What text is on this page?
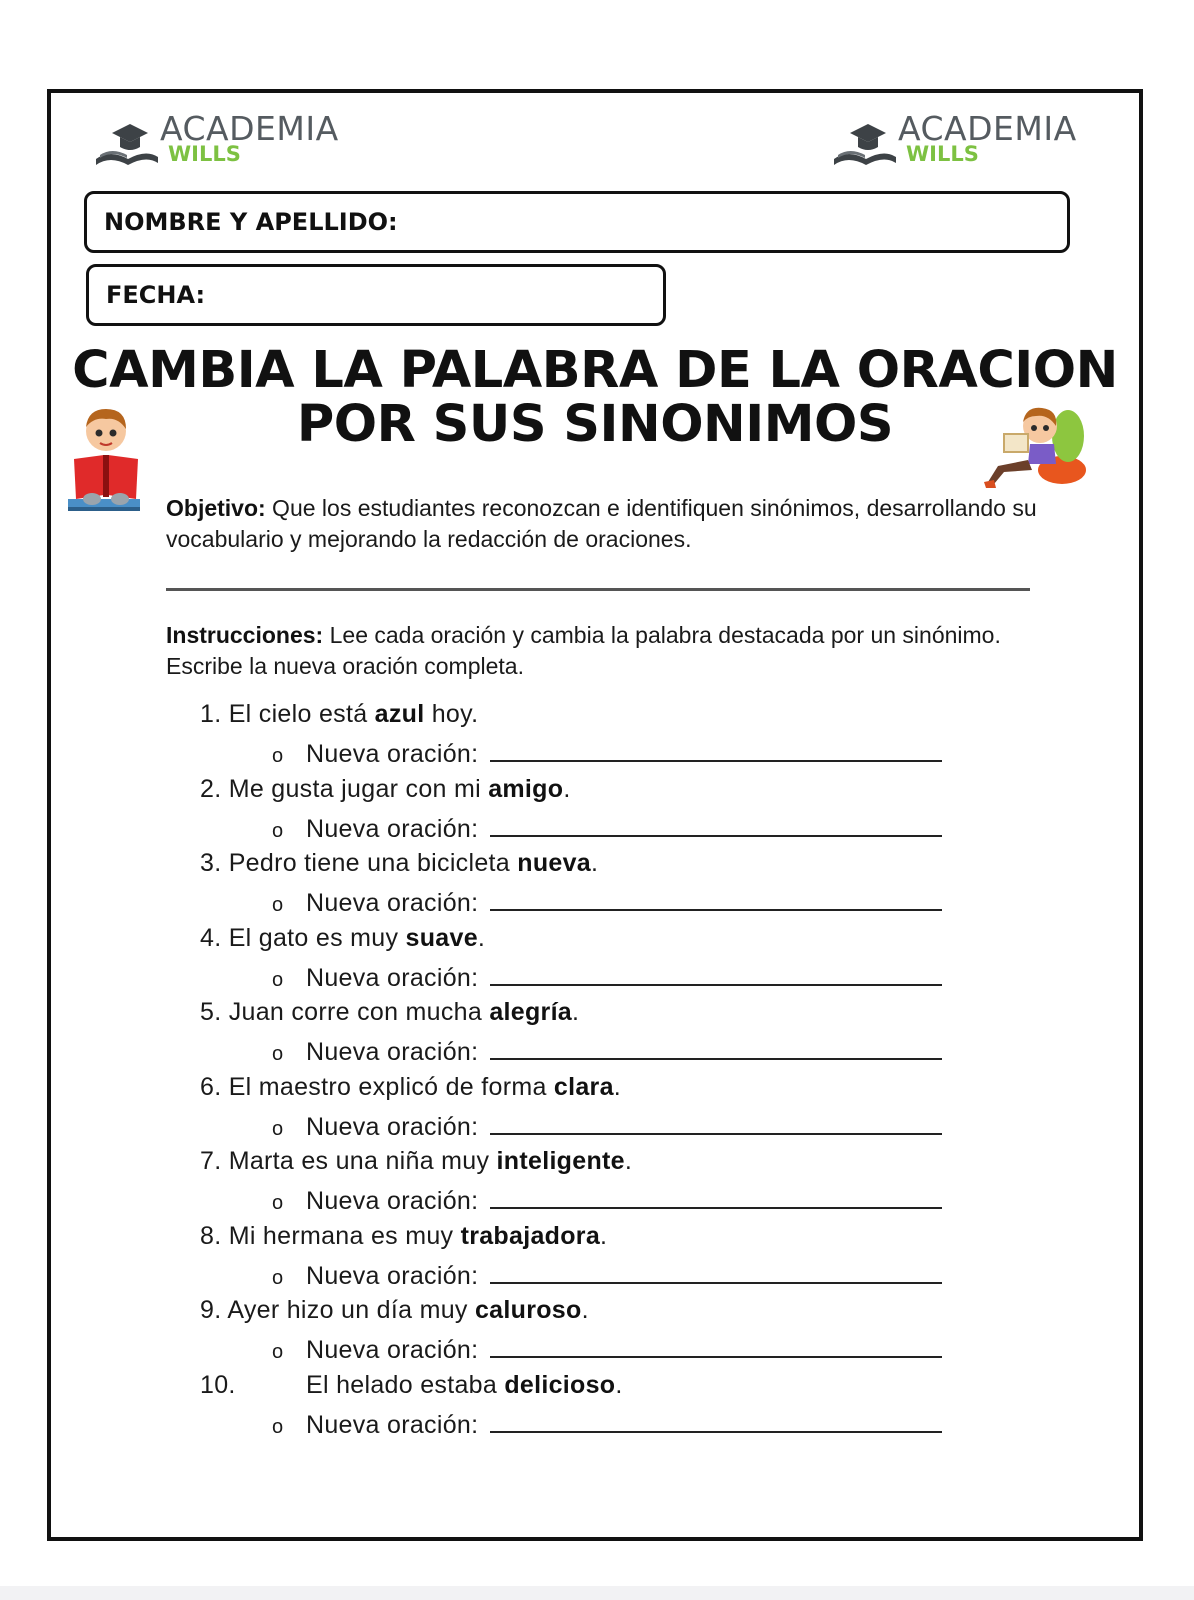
ACADEMIA
WILLS
ACADEMIA
WILLS
NOMBRE Y APELLIDO:
FECHA:
CAMBIA LA PALABRA DE LA ORACION
POR SUS SINONIMOS
Objetivo: Que los estudiantes reconozcan e identifiquen sinónimos, desarrollando su vocabulario y mejorando la redacción de oraciones.
Instrucciones: Lee cada oración y cambia la palabra destacada por un sinónimo. Escribe la nueva oración completa.
1. El cielo está azul hoy.
o Nueva oración:
2. Me gusta jugar con mi amigo.
o Nueva oración:
3. Pedro tiene una bicicleta nueva.
o Nueva oración:
4. El gato es muy suave.
o Nueva oración:
5. Juan corre con mucha alegría.
o Nueva oración:
6. El maestro explicó de forma clara.
o Nueva oración:
7. Marta es una niña muy inteligente.
o Nueva oración:
8. Mi hermana es muy trabajadora.
o Nueva oración:
9. Ayer hizo un día muy caluroso.
o Nueva oración:
10.	El helado estaba delicioso.
o Nueva oración:
